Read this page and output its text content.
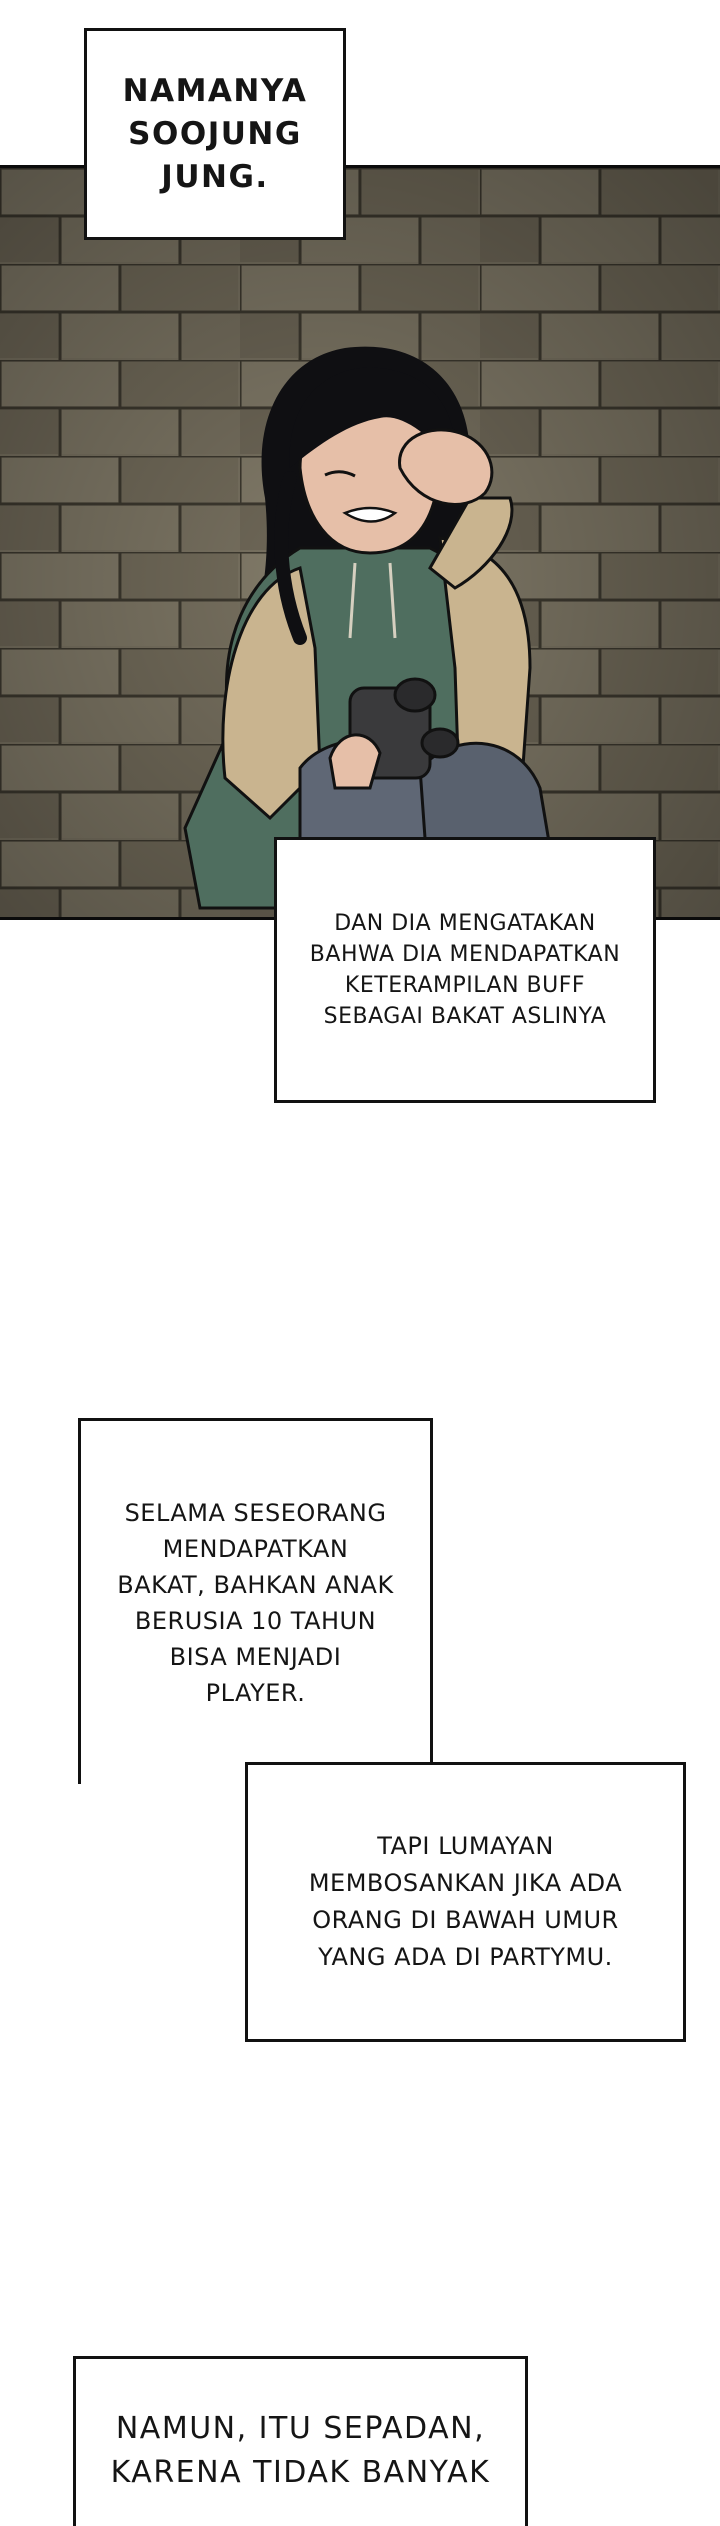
NAMANYA
SOOJUNG
JUNG.
DAN DIA MENGATAKAN
BAHWA DIA MENDAPATKAN
KETERAMPILAN BUFF
SEBAGAI BAKAT ASLINYA
SELAMA SESEORANG
MENDAPATKAN
BAKAT, BAHKAN ANAK
BERUSIA 10 TAHUN
BISA MENJADI
PLAYER.
TAPI LUMAYAN
MEMBOSANKAN JIKA ADA
ORANG DI BAWAH UMUR
YANG ADA DI PARTYMU.
NAMUN, ITU SEPADAN,
KARENA TIDAK BANYAK
